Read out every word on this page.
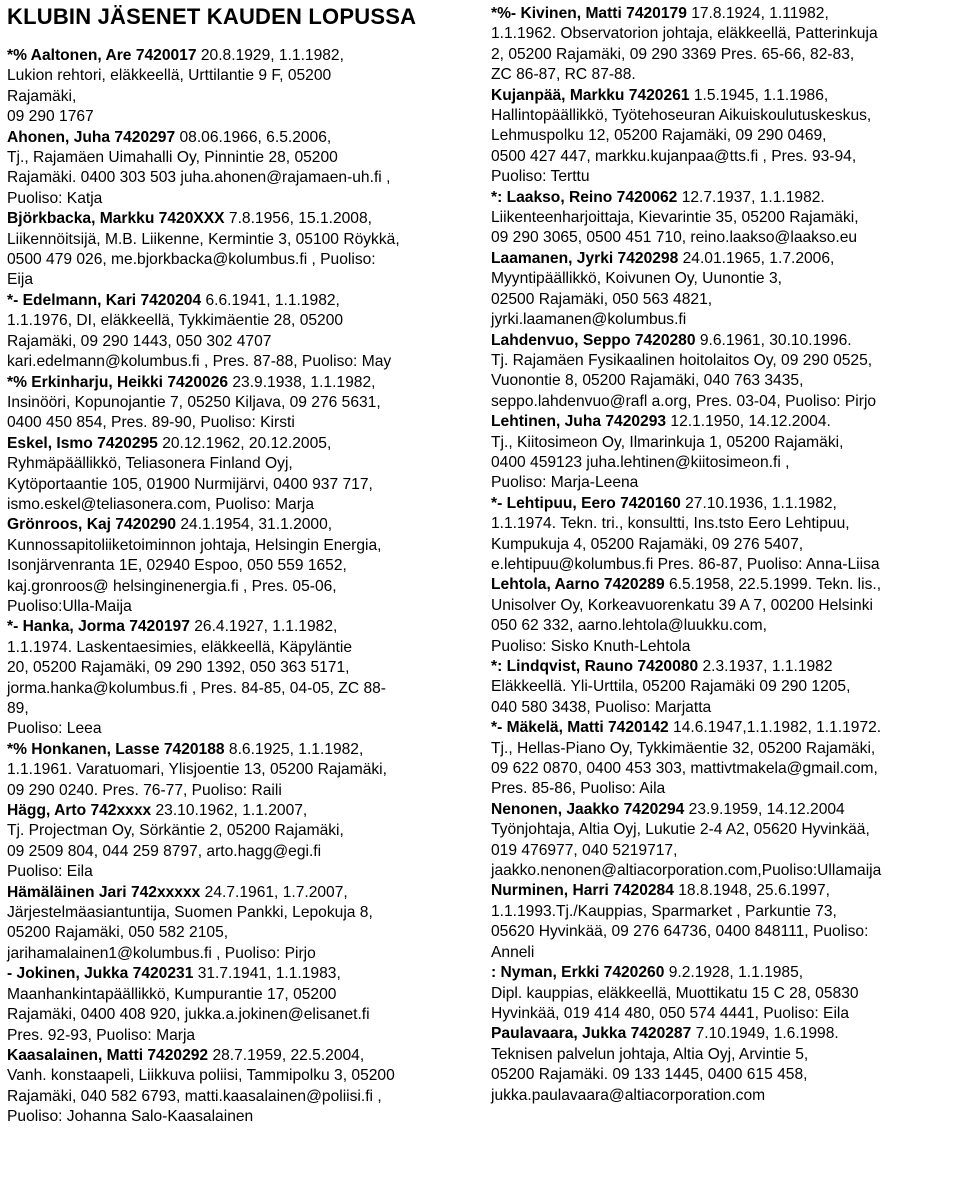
KLUBIN JÄSENET KAUDEN LOPUSSA
*% Aaltonen, Are 7420017 20.8.1929, 1.1.1982,
Lukion rehtori, eläkkeellä, Urttilantie 9 F, 05200
Rajamäki,
09 290 1767
Ahonen, Juha 7420297 08.06.1966, 6.5.2006,
Tj., Rajamäen Uimahalli Oy, Pinnintie 28, 05200
Rajamäki. 0400 303 503 juha.ahonen@rajamaen-uh.fi ,
Puoliso: Katja
Björkbacka, Markku 7420XXX 7.8.1956, 15.1.2008,
Liikennöitsijä, M.B. Liikenne, Kermintie 3, 05100 Röykkä,
0500 479 026, me.bjorkbacka@kolumbus.fi , Puoliso:
Eija
*- Edelmann, Kari 7420204 6.6.1941, 1.1.1982,
1.1.1976, DI, eläkkeellä, Tykkimäentie 28, 05200
Rajamäki, 09 290 1443, 050 302 4707
kari.edelmann@kolumbus.fi , Pres. 87-88, Puoliso: May
*% Erkinharju, Heikki 7420026 23.9.1938, 1.1.1982,
Insinööri, Kopunojantie 7, 05250 Kiljava, 09 276 5631,
0400 450 854, Pres. 89-90, Puoliso: Kirsti
Eskel, Ismo 7420295 20.12.1962, 20.12.2005,
Ryhmäpäällikkö, Teliasonera Finland Oyj,
Kytöportaantie 105, 01900 Nurmijärvi, 0400 937 717,
ismo.eskel@teliasonera.com, Puoliso: Marja
Grönroos, Kaj 7420290 24.1.1954, 31.1.2000,
Kunnossapitoliiketoiminnon johtaja, Helsingin Energia,
Isonjärvenranta 1E, 02940 Espoo, 050 559 1652,
kaj.gronroos@ helsinginenergia.fi , Pres. 05-06,
Puoliso:Ulla-Maija
*- Hanka, Jorma 7420197 26.4.1927, 1.1.1982,
1.1.1974. Laskentaesimies, eläkkeellä, Käpyläntie
20, 05200 Rajamäki, 09 290 1392, 050 363 5171,
jorma.hanka@kolumbus.fi , Pres. 84-85, 04-05, ZC 88-
89,
Puoliso: Leea
*% Honkanen, Lasse 7420188 8.6.1925, 1.1.1982,
1.1.1961. Varatuomari, Ylisjoentie 13, 05200 Rajamäki,
09 290 0240. Pres. 76-77, Puoliso: Raili
Hägg, Arto 742xxxx 23.10.1962, 1.1.2007,
Tj. Projectman Oy, Sörkäntie 2, 05200 Rajamäki,
09 2509 804, 044 259 8797, arto.hagg@egi.fi
Puoliso: Eila
Hämäläinen Jari 742xxxxx 24.7.1961, 1.7.2007,
Järjestelmäasiantuntija, Suomen Pankki, Lepokuja 8,
05200 Rajamäki, 050 582 2105,
jarihamalainen1@kolumbus.fi , Puoliso: Pirjo
- Jokinen, Jukka 7420231 31.7.1941, 1.1.1983,
Maanhankintapäällikkö, Kumpurantie 17, 05200
Rajamäki, 0400 408 920, jukka.a.jokinen@elisanet.fi
Pres. 92-93, Puoliso: Marja
Kaasalainen, Matti 7420292 28.7.1959, 22.5.2004,
Vanh. konstaapeli, Liikkuva poliisi, Tammipolku 3, 05200
Rajamäki, 040 582 6793, matti.kaasalainen@poliisi.fi ,
Puoliso: Johanna Salo-Kaasalainen
*%- Kivinen, Matti 7420179 17.8.1924, 1.11982,
1.1.1962. Observatorion johtaja, eläkkeellä, Patterinkuja
2, 05200 Rajamäki, 09 290 3369 Pres. 65-66, 82-83,
ZC 86-87, RC 87-88.
Kujanpää, Markku 7420261 1.5.1945, 1.1.1986,
Hallintopäällikkö, Työtehoseuran Aikuiskoulutuskeskus,
Lehmuspolku 12, 05200 Rajamäki, 09 290 0469,
0500 427 447, markku.kujanpaa@tts.fi , Pres. 93-94,
Puoliso: Terttu
*: Laakso, Reino 7420062 12.7.1937, 1.1.1982.
Liikenteenharjoittaja, Kievarintie 35, 05200 Rajamäki,
09 290 3065, 0500 451 710, reino.laakso@laakso.eu
Laamanen, Jyrki 7420298 24.01.1965, 1.7.2006,
Myyntipäällikkö, Koivunen Oy, Uunontie 3,
02500 Rajamäki, 050 563 4821,
jyrki.laamanen@kolumbus.fi
Lahdenvuo, Seppo 7420280 9.6.1961, 30.10.1996.
Tj. Rajamäen Fysikaalinen hoitolaitos Oy, 09 290 0525,
Vuonontie 8, 05200 Rajamäki, 040 763 3435,
seppo.lahdenvuo@rafl a.org, Pres. 03-04, Puoliso: Pirjo
Lehtinen, Juha 7420293 12.1.1950, 14.12.2004.
Tj., Kiitosimeon Oy, Ilmarinkuja 1, 05200 Rajamäki,
0400 459123 juha.lehtinen@kiitosimeon.fi ,
Puoliso: Marja-Leena
*- Lehtipuu, Eero 7420160 27.10.1936, 1.1.1982,
1.1.1974. Tekn. tri., konsultti, Ins.tsto Eero Lehtipuu,
Kumpukuja 4, 05200 Rajamäki, 09 276 5407,
e.lehtipuu@kolumbus.fi Pres. 86-87, Puoliso: Anna-Liisa
Lehtola, Aarno 7420289 6.5.1958, 22.5.1999. Tekn. lis.,
Unisolver Oy, Korkeavuorenkatu 39 A 7, 00200 Helsinki
050 62 332, aarno.lehtola@luukku.com,
Puoliso: Sisko Knuth-Lehtola
*: Lindqvist, Rauno 7420080 2.3.1937, 1.1.1982
Eläkkeellä. Yli-Urttila, 05200 Rajamäki 09 290 1205,
040 580 3438, Puoliso: Marjatta
*- Mäkelä, Matti 7420142 14.6.1947,1.1.1982, 1.1.1972.
Tj., Hellas-Piano Oy, Tykkimäentie 32, 05200 Rajamäki,
09 622 0870, 0400 453 303, mattivtmakela@gmail.com,
Pres. 85-86, Puoliso: Aila
Nenonen, Jaakko 7420294 23.9.1959, 14.12.2004
Työnjohtaja, Altia Oyj, Lukutie 2-4 A2, 05620 Hyvinkää,
019 476977, 040 5219717,
jaakko.nenonen@altiacorporation.com,Puoliso:Ullamaija
Nurminen, Harri 7420284 18.8.1948, 25.6.1997,
1.1.1993.Tj./Kauppias, Sparmarket , Parkuntie 73,
05620 Hyvinkää, 09 276 64736, 0400 848111, Puoliso:
Anneli
: Nyman, Erkki 7420260 9.2.1928, 1.1.1985,
Dipl. kauppias, eläkkeellä, Muottikatu 15 C 28, 05830
Hyvinkää, 019 414 480, 050 574 4441, Puoliso: Eila
Paulavaara, Jukka 7420287 7.10.1949, 1.6.1998.
Teknisen palvelun johtaja, Altia Oyj, Arvintie 5,
05200 Rajamäki. 09 133 1445, 0400 615 458,
jukka.paulavaara@altiacorporation.com
